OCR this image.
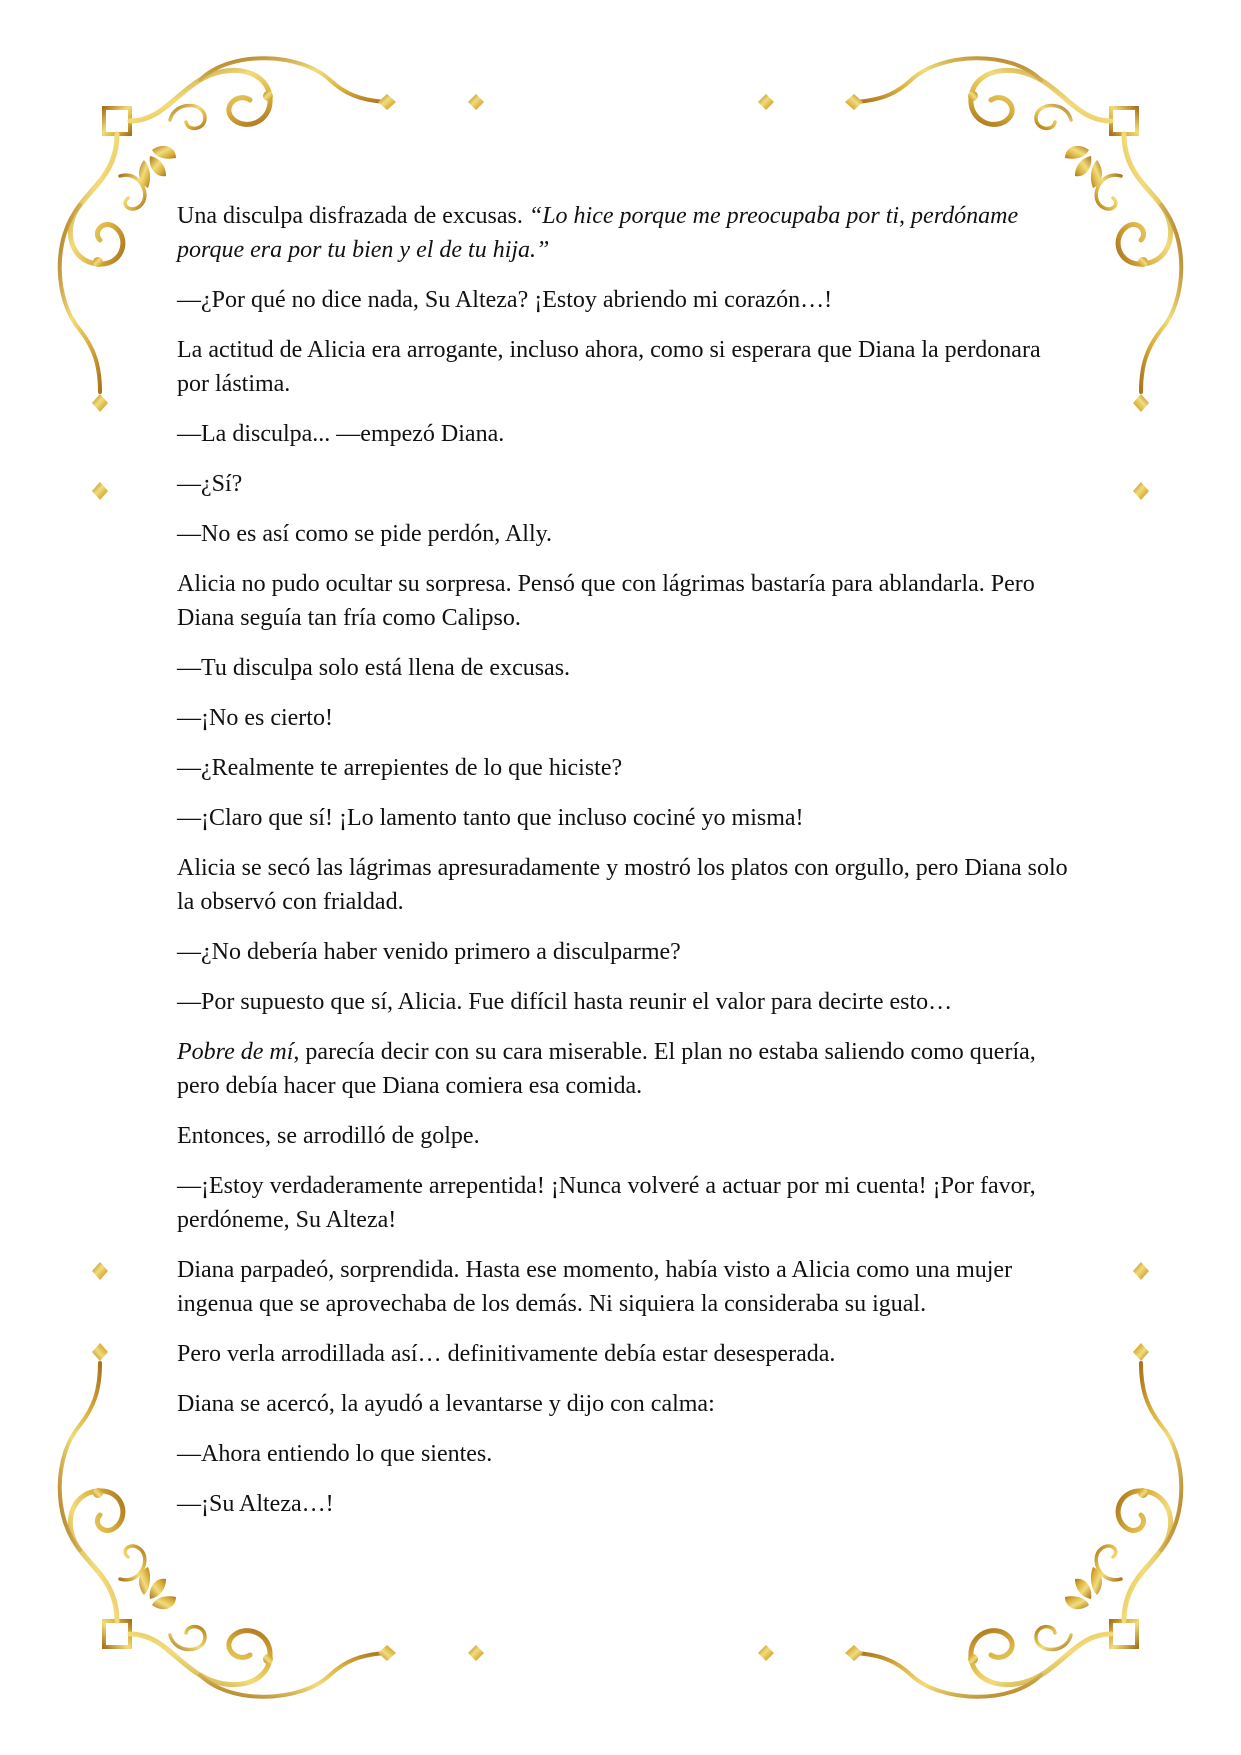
Una disculpa disfrazada de excusas. “Lo hice porque me preocupaba por ti, perdóname porque era por tu bien y el de tu hija.”

—¿Por qué no dice nada, Su Alteza? ¡Estoy abriendo mi corazón…!

La actitud de Alicia era arrogante, incluso ahora, como si esperara que Diana la perdonara por lástima.

—La disculpa... —empezó Diana.

—¿Sí?

—No es así como se pide perdón, Ally.

Alicia no pudo ocultar su sorpresa. Pensó que con lágrimas bastaría para ablandarla. Pero Diana seguía tan fría como Calipso.

—Tu disculpa solo está llena de excusas.

—¡No es cierto!

—¿Realmente te arrepientes de lo que hiciste?

—¡Claro que sí! ¡Lo lamento tanto que incluso cociné yo misma!

Alicia se secó las lágrimas apresuradamente y mostró los platos con orgullo, pero Diana solo la observó con frialdad.

—¿No debería haber venido primero a disculparme?

—Por supuesto que sí, Alicia. Fue difícil hasta reunir el valor para decirte esto…

Pobre de mí, parecía decir con su cara miserable. El plan no estaba saliendo como quería, pero debía hacer que Diana comiera esa comida.

Entonces, se arrodilló de golpe.

—¡Estoy verdaderamente arrepentida! ¡Nunca volveré a actuar por mi cuenta! ¡Por favor, perdóneme, Su Alteza!

Diana parpadeó, sorprendida. Hasta ese momento, había visto a Alicia como una mujer ingenua que se aprovechaba de los demás. Ni siquiera la consideraba su igual.

Pero verla arrodillada así… definitivamente debía estar desesperada.

Diana se acercó, la ayudó a levantarse y dijo con calma:

—Ahora entiendo lo que sientes.

—¡Su Alteza…!
